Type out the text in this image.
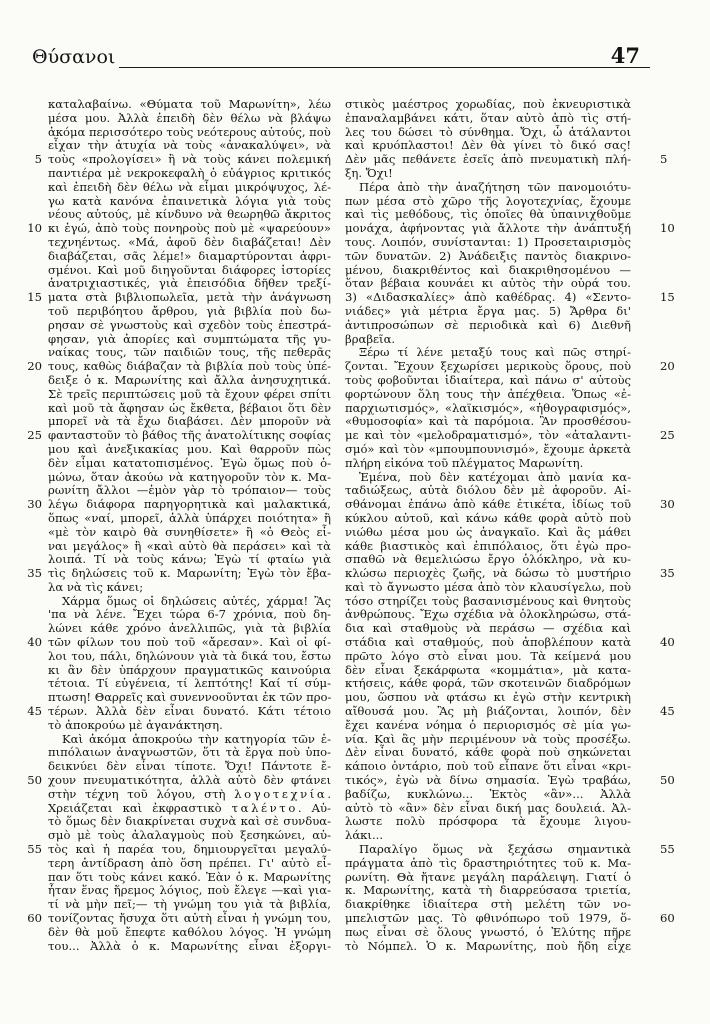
Θύσανοι	47
καταλαβαίνω. «Θύματα τοῦ Μαρωνίτη», λέω
μέσα μου. Ἀλλὰ ἐπειδὴ δὲν θέλω νὰ βλάψω
ἀκόμα περισσότερο τοὺς νεότερους αὐτούς, ποὺ
εἶχαν τὴν ἀτυχία νὰ τοὺς «ἀνακαλύψει», νὰ
τοὺς «προλογίσει» ἢ νὰ τοὺς κάνει πολεμική
παντιέρα μὲ νεκροκεφαλὴ ὁ εὐάγριος κριτικός
καὶ ἐπειδὴ δὲν θέλω νὰ εἶμαι μικρόψυχος, λέ-
γω κατὰ κανόνα ἐπαινετικὰ λόγια γιὰ τοὺς
νέους αὐτούς, μὲ κίνδυνο νὰ θεωρηθῶ ἄκριτος
κι ἐγώ, ἀπὸ τοὺς πονηροὺς ποὺ μὲ «ψαρεύουν»
τεχνηέντως. «Μά, ἀφοῦ δὲν διαβάζεται! Δὲν
διαβάζεται, σᾶς λέμε!» διαμαρτύρονται ἀφρι-
σμένοι. Καὶ μοῦ διηγοῦνται διάφορες ἱστορίες
ἀνατριχιαστικές, γιὰ ἐπεισόδια δῆθεν τρεξί-
ματα στὰ βιβλιοπωλεῖα, μετὰ τὴν ἀνάγνωση
τοῦ περιβόητου ἄρθρου, γιὰ βιβλία ποὺ δω-
ρησαν σὲ γνωστοὺς καὶ σχεδὸν τοὺς ἐπεστρά-
φησαν, γιὰ ἀπορίες καὶ συμπτώματα τῆς γυ-
ναίκας τους, τῶν παιδιῶν τους, τῆς πεθερᾶς
τους, καθὼς διάβαζαν τὰ βιβλία ποὺ τοὺς ὑπέ-
δειξε ὁ κ. Μαρωνίτης καὶ ἄλλα ἀνησυχητικά.
Σὲ τρεῖς περιπτώσεις μοῦ τὰ ἔχουν φέρει σπίτι
καὶ μοῦ τὰ ἄφησαν ὡς ἔκθετα, βέβαιοι ὅτι δὲν
μπορεῖ νὰ τὰ ἔχω διαβάσει. Δὲν μποροῦν νὰ
φανταστοῦν τὸ βάθος τῆς ἀνατολίτικης σοφίας
μου καὶ ἀνεξικακίας μου. Καὶ θαρροῦν πὼς
δὲν εἶμαι κατατοπισμένος. Ἐγὼ ὅμως ποὺ ὁ-
μώνω, ὅταν ἀκούω νὰ κατηγοροῦν τὸν κ. Μα-
ρωνίτη ἄλλοι —ἐμὸν γὰρ τὸ τρόπαιον— τοὺς
λέγω διάφορα παρηγορητικὰ καὶ μαλακτικά,
ὅπως «ναί, μπορεῖ, ἀλλὰ ὑπάρχει ποιότητα» ἢ
«μὲ τὸν καιρὸ θὰ συνηθίσετε» ἢ «ὁ Θεὸς εἶ-
ναι μεγάλος» ἢ «καὶ αὐτὸ θὰ περάσει» καὶ τὰ
λοιπά. Τί νὰ τοὺς κάνω; Ἐγὼ τί φταίω γιὰ
τὶς δηλώσεις τοῦ κ. Μαρωνίτη; Ἐγὼ τὸν ἔβα-
λα νὰ τὶς κάνει;
Χάρμα ὅμως οἱ δηλώσεις αὐτές, χάρμα! Ἂς
'πα νὰ λένε. Ἔχει τώρα 6-7 χρόνια, ποὺ δη-
λώνει κάθε χρόνο ἀνελλιπῶς, γιὰ τὰ βιβλία
τῶν φίλων του ποὺ τοῦ «ἄρεσαν». Καὶ οἱ φί-
λοι του, πάλι, δηλώνουν γιὰ τὰ δικά του, ἔστω
κι ἂν δὲν ὑπάρχουν πραγματικῶς καινούρια
τέτοια. Τί εὐγένεια, τί λεπτότης! Καί τί σύμ-
πτωση! Θαρρεῖς καὶ συνεννοοῦνται ἐκ τῶν προ-
τέρων. Ἀλλὰ δὲν εἶναι δυνατό. Κάτι τέτοιο
τὸ ἀποκρούω μὲ ἀγανάκτηση.
Καὶ ἀκόμα ἀποκρούω τὴν κατηγορία τῶν ἐ-
πιπόλαιων ἀναγνωστῶν, ὅτι τὰ ἔργα ποὺ ὑπο-
δεικνύει δὲν εἶναι τίποτε. Ὄχι! Πάντοτε ἔ-
χουν πνευματικότητα, ἀλλὰ αὐτὸ δὲν φτάνει
στὴν τέχνη τοῦ λόγου, στὴ λογοτεχνία.
Χρειάζεται καὶ ἐκφραστικὸ ταλέντο. Αὐ-
τὸ ὅμως δὲν διακρίνεται συχνὰ καὶ σὲ συνδυα-
σμὸ μὲ τοὺς ἀλαλαγμοὺς ποὺ ξεσηκώνει, αὐ-
τὸς καὶ ἡ παρέα του, δημιουργεῖται μεγαλύ-
τερη ἀντίδραση ἀπὸ ὅση πρέπει. Γι' αὐτὸ εἶ-
παν ὅτι τοὺς κάνει κακό. Ἐὰν ὁ κ. Μαρωνίτης
ἦταν ἕνας ἥρεμος λόγιος, ποὺ ἔλεγε —καὶ για-
τί νὰ μὴν πεῖ;— τὴ γνώμη του γιὰ τὰ βιβλία,
τονίζοντας ἤσυχα ὅτι αὐτὴ εἶναι ἡ γνώμη του,
δὲν θὰ μοῦ ἔπεφτε καθόλου λόγος. Ἡ γνώμη
του... Ἀλλὰ ὁ κ. Μαρωνίτης εἶναι ἐξοργι-
στικὸς μαέστρος χορωδίας, ποὺ ἐκνευριστικὰ
ἐπαναλαμβάνει κάτι, ὅταν αὐτὸ ἀπὸ τὶς στή-
λες του δώσει τὸ σύνθημα. Ὄχι, ὦ ἀτάλαντοι
καὶ κρυόπλαστοι! Δὲν θὰ γίνει τὸ δικό σας!
Δὲν μᾶς πεθάνετε ἐσεῖς ἀπὸ πνευματικὴ πλή-
ξη. Ὄχι!
Πέρα ἀπὸ τὴν ἀναζήτηση τῶν πανομοιότυ-
πων μέσα στὸ χῶρο τῆς λογοτεχνίας, ἔχουμε
καὶ τὶς μεθόδους, τὶς ὁποῖες θὰ ὑπαινιχθοῦμε
μονάχα, ἀφήνοντας γιὰ ἄλλοτε τὴν ἀνάπτυξή
τους. Λοιπόν, συνίστανται: 1) Προσεταιρισμὸς
τῶν δυνατῶν. 2) Ἀνάδειξις παντὸς διακρινο-
μένου, διακριθέντος καὶ διακριθησομένου —
ὅταν βέβαια κουνάει κι αὐτὸς τὴν οὐρά του.
3) «Διδασκαλίες» ἀπὸ καθέδρας. 4) «Σεντο-
νιάδες» γιὰ μέτρια ἔργα μας. 5) Ἄρθρα δι'
ἀντιπροσώπων σὲ περιοδικὰ καὶ 6) Διεθνῆ
βραβεῖα.
Ξέρω τί λένε μεταξύ τους καὶ πῶς στηρί-
ζονται. Ἔχουν ξεχωρίσει μερικοὺς ὅρους, ποὺ
τοὺς φοβοῦνται ἰδιαίτερα, καὶ πάνω σ' αὐτοὺς
φορτώνουν ὅλη τους τὴν ἀπέχθεια. Ὅπως «ἐ-
παρχιωτισμός», «λαϊκισμός», «ἠθογραφισμός»,
«θυμοσοφία» καὶ τὰ παρόμοια. Ἂν προσθέσου-
με καὶ τὸν «μελοδραματισμό», τὸν «ἀταλαντι-
σμό» καὶ τὸν «μπουμπουνισμό», ἔχουμε ἀρκετὰ
πλήρη εἰκόνα τοῦ πλέγματος Μαρωνίτη.
Ἐμένα, ποὺ δὲν κατέχομαι ἀπὸ μανία κα-
ταδιώξεως, αὐτὰ διόλου δὲν μὲ ἀφοροῦν. Αἰ-
σθάνομαι ἐπάνω ἀπὸ κάθε ἐτικέτα, ἰδίως τοῦ
κύκλου αὐτοῦ, καὶ κάνω κάθε φορὰ αὐτὸ ποὺ
νιώθω μέσα μου ὡς ἀναγκαῖο. Καὶ ἂς μάθει
κάθε βιαστικὸς καὶ ἐπιπόλαιος, ὅτι ἐγὼ προ-
σπαθῶ νὰ θεμελιώσω ἔργο ὁλόκληρο, νὰ κυ-
κλώσω περιοχὲς ζωῆς, νὰ δώσω τὸ μυστήριο
καὶ τὸ ἄγνωστο μέσα ἀπὸ τὸν κλαυσίγελω, ποὺ
τόσο στηρίζει τοὺς βασανισμένους καὶ θνητοὺς
ἀνθρώπους. Ἔχω σχέδια νὰ ὁλοκληρώσω, στά-
δια καὶ σταθμοὺς νὰ περάσω — σχέδια καὶ
στάδια καὶ σταθμούς, ποὺ ἀποβλέπουν κατὰ
πρῶτο λόγο στὸ εἶναι μου. Τὰ κείμενά μου
δὲν εἶναι ξεκάρφωτα «κομμάτια», μὰ κατα-
κτήσεις, κάθε φορά, τῶν σκοτεινῶν διαδρόμων
μου, ὥσπου νὰ φτάσω κι ἐγὼ στὴν κεντρικὴ
αἴθουσά μου. Ἂς μὴ βιάζονται, λοιπόν, δὲν
ἔχει κανένα νόημα ὁ περιορισμός σὲ μία γω-
νία. Καὶ ἂς μὴν περιμένουν νὰ τοὺς προσέξω.
Δὲν εἶναι δυνατό, κάθε φορὰ ποὺ σηκώνεται
κάποιο ὀντάριο, ποὺ τοῦ εἶπανε ὅτι εἶναι «κρι-
τικός», ἐγὼ νὰ δίνω σημασία. Ἐγὼ τραβάω,
βαδίζω, κυκλώνω... Ἐκτὸς «ἂν»... Ἀλλὰ
αὐτὸ τὸ «ἂν» δὲν εἶναι δική μας δουλειά. Ἀλ-
λωστε πολὺ πρόσφορα τὰ ἔχουμε λιγου-
λάκι...
Παραλίγο ὅμως νὰ ξεχάσω σημαντικὰ
πράγματα ἀπὸ τὶς δραστηριότητες τοῦ κ. Μα-
ρωνίτη. Θὰ ἤτανε μεγάλη παράλειψη. Γιατί ὁ
κ. Μαρωνίτης, κατὰ τὴ διαρρεύσασα τριετία,
διακρίθηκε ἰδιαίτερα στὴ μελέτη τῶν νο-
μπελιστῶν μας. Τὸ φθινόπωρο τοῦ 1979, ὅ-
πως εἶναι σὲ ὅλους γνωστό, ὁ Ἐλύτης πῆρε
τὸ Νόμπελ. Ὁ κ. Μαρωνίτης, ποὺ ἤδη εἶχε
5	5
10	10
15	15
20	20
25	25
30	30
35	35
40	40
45	45
50	50
55	55
60	60
